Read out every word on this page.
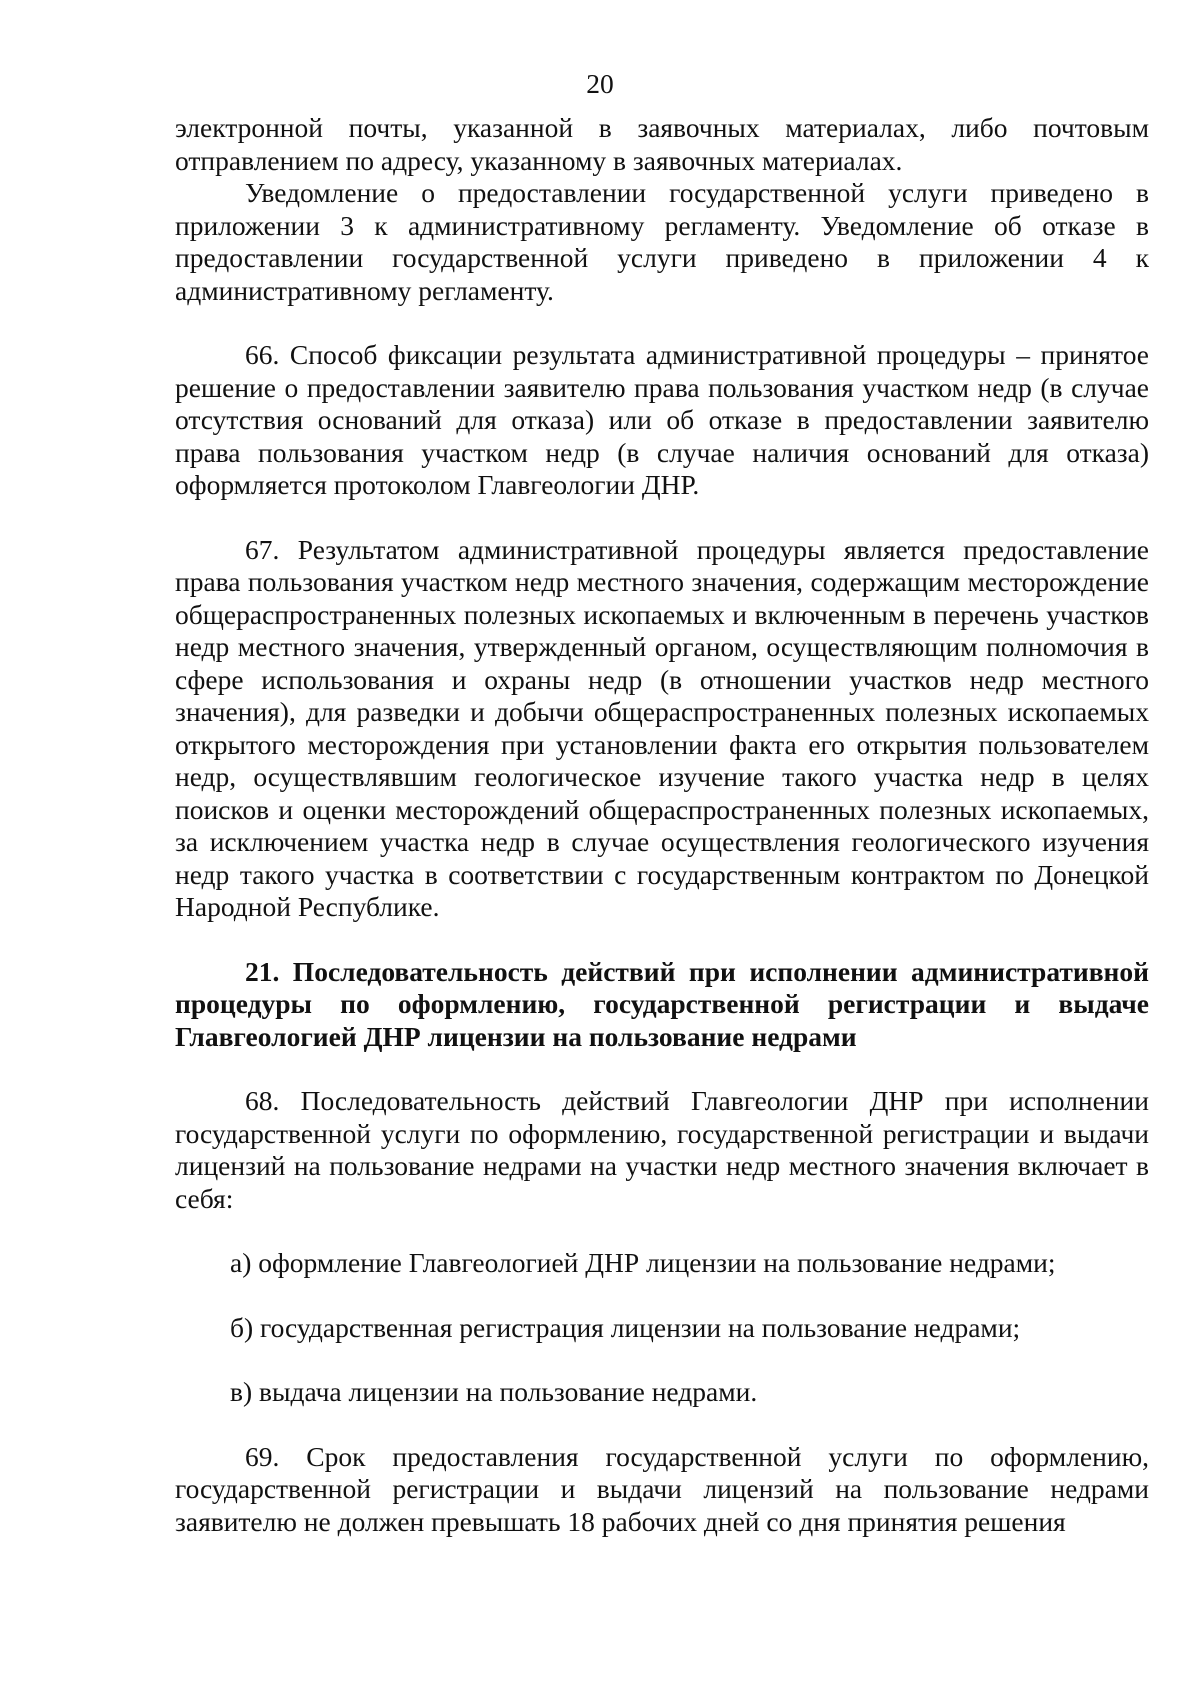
20

электронной почты, указанной в заявочных материалах, либо почтовым отправлением по адресу, указанному в заявочных материалах.

Уведомление о предоставлении государственной услуги приведено в приложении 3 к административному регламенту. Уведомление об отказе в предоставлении государственной услуги приведено в приложении 4 к административному регламенту.

66. Способ фиксации результата административной процедуры – принятое решение о предоставлении заявителю права пользования участком недр (в случае отсутствия оснований для отказа) или об отказе в предоставлении заявителю права пользования участком недр (в случае наличия оснований для отказа) оформляется протоколом Главгеологии ДНР.

67. Результатом административной процедуры является предоставление права пользования участком недр местного значения, содержащим месторождение общераспространенных полезных ископаемых и включенным в перечень участков недр местного значения, утвержденный органом, осуществляющим полномочия в сфере использования и охраны недр (в отношении участков недр местного значения), для разведки и добычи общераспространенных полезных ископаемых открытого месторождения при установлении факта его открытия пользователем недр, осуществлявшим геологическое изучение такого участка недр в целях поисков и оценки месторождений общераспространенных полезных ископаемых, за исключением участка недр в случае осуществления геологического изучения недр такого участка в соответствии с государственным контрактом по Донецкой Народной Республике.

21. Последовательность действий при исполнении административной процедуры по оформлению, государственной регистрации и выдаче Главгеологией ДНР лицензии на пользование недрами

68. Последовательность действий Главгеологии ДНР при исполнении государственной услуги по оформлению, государственной регистрации и выдачи лицензий на пользование недрами на участки недр местного значения включает в себя:

а) оформление Главгеологией ДНР лицензии на пользование недрами;

б) государственная регистрация лицензии на пользование недрами;

в) выдача лицензии на пользование недрами.

69. Срок предоставления государственной услуги по оформлению, государственной регистрации и выдачи лицензий на пользование недрами заявителю не должен превышать 18 рабочих дней со дня принятия решения
